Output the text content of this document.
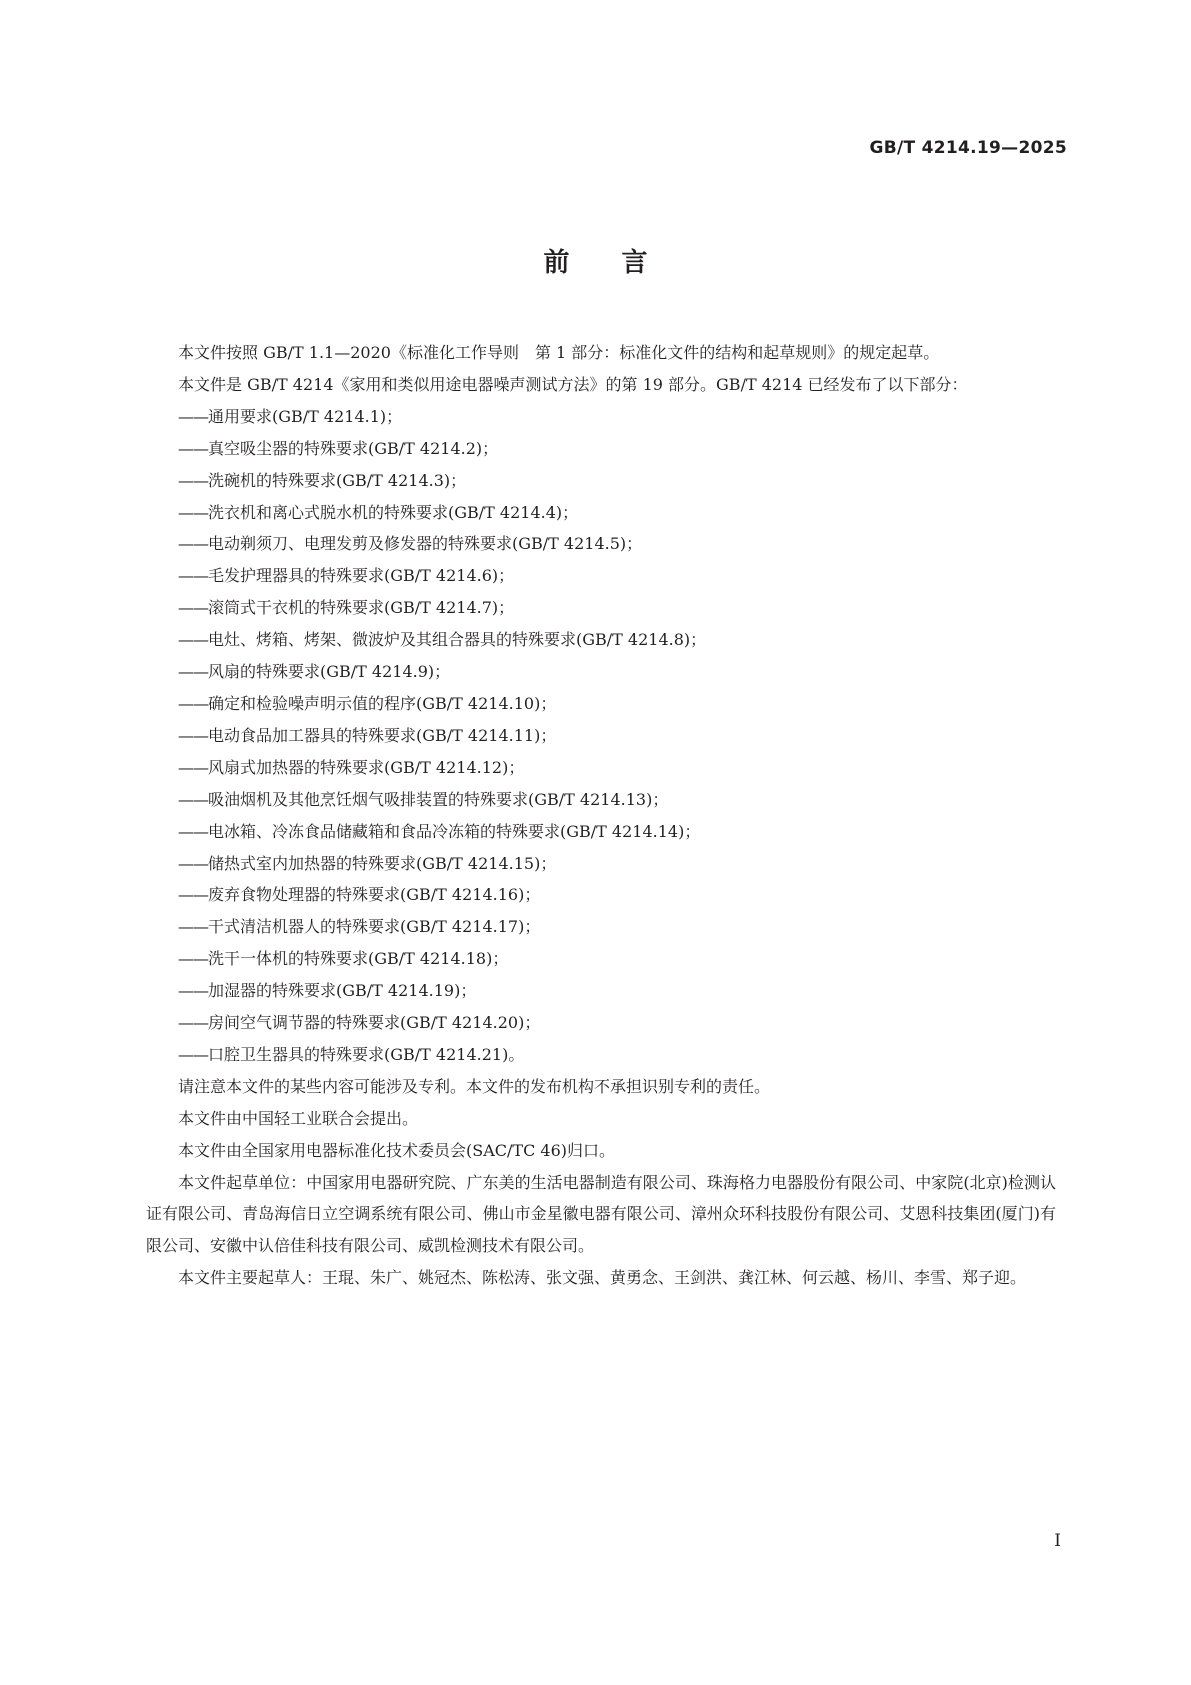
GB/T 4214.19—2025
前言

本文件按照 GB/T 1.1—2020《标准化工作导则　第 1 部分：标准化文件的结构和起草规则》的规定起草。

本文件是 GB/T 4214《家用和类似用途电器噪声测试方法》的第 19 部分。GB/T 4214 已经发布了以下部分：

——通用要求(GB/T 4214.1)；

——真空吸尘器的特殊要求(GB/T 4214.2)；

——洗碗机的特殊要求(GB/T 4214.3)；

——洗衣机和离心式脱水机的特殊要求(GB/T 4214.4)；

——电动剃须刀、电理发剪及修发器的特殊要求(GB/T 4214.5)；

——毛发护理器具的特殊要求(GB/T 4214.6)；

——滚筒式干衣机的特殊要求(GB/T 4214.7)；

——电灶、烤箱、烤架、微波炉及其组合器具的特殊要求(GB/T 4214.8)；

——风扇的特殊要求(GB/T 4214.9)；

——确定和检验噪声明示值的程序(GB/T 4214.10)；

——电动食品加工器具的特殊要求(GB/T 4214.11)；

——风扇式加热器的特殊要求(GB/T 4214.12)；

——吸油烟机及其他烹饪烟气吸排装置的特殊要求(GB/T 4214.13)；

——电冰箱、冷冻食品储藏箱和食品冷冻箱的特殊要求(GB/T 4214.14)；

——储热式室内加热器的特殊要求(GB/T 4214.15)；

——废弃食物处理器的特殊要求(GB/T 4214.16)；

——干式清洁机器人的特殊要求(GB/T 4214.17)；

——洗干一体机的特殊要求(GB/T 4214.18)；

——加湿器的特殊要求(GB/T 4214.19)；

——房间空气调节器的特殊要求(GB/T 4214.20)；

——口腔卫生器具的特殊要求(GB/T 4214.21)。

请注意本文件的某些内容可能涉及专利。本文件的发布机构不承担识别专利的责任。

本文件由中国轻工业联合会提出。

本文件由全国家用电器标准化技术委员会(SAC/TC 46)归口。

本文件起草单位：中国家用电器研究院、广东美的生活电器制造有限公司、珠海格力电器股份有限公司、中家院(北京)检测认证有限公司、青岛海信日立空调系统有限公司、佛山市金星徽电器有限公司、漳州众环科技股份有限公司、艾恩科技集团(厦门)有限公司、安徽中认倍佳科技有限公司、威凯检测技术有限公司。

本文件主要起草人：王琨、朱广、姚冠杰、陈松涛、张文强、黄勇念、王剑洪、龚江林、何云越、杨川、李雪、郑子迎。

I
